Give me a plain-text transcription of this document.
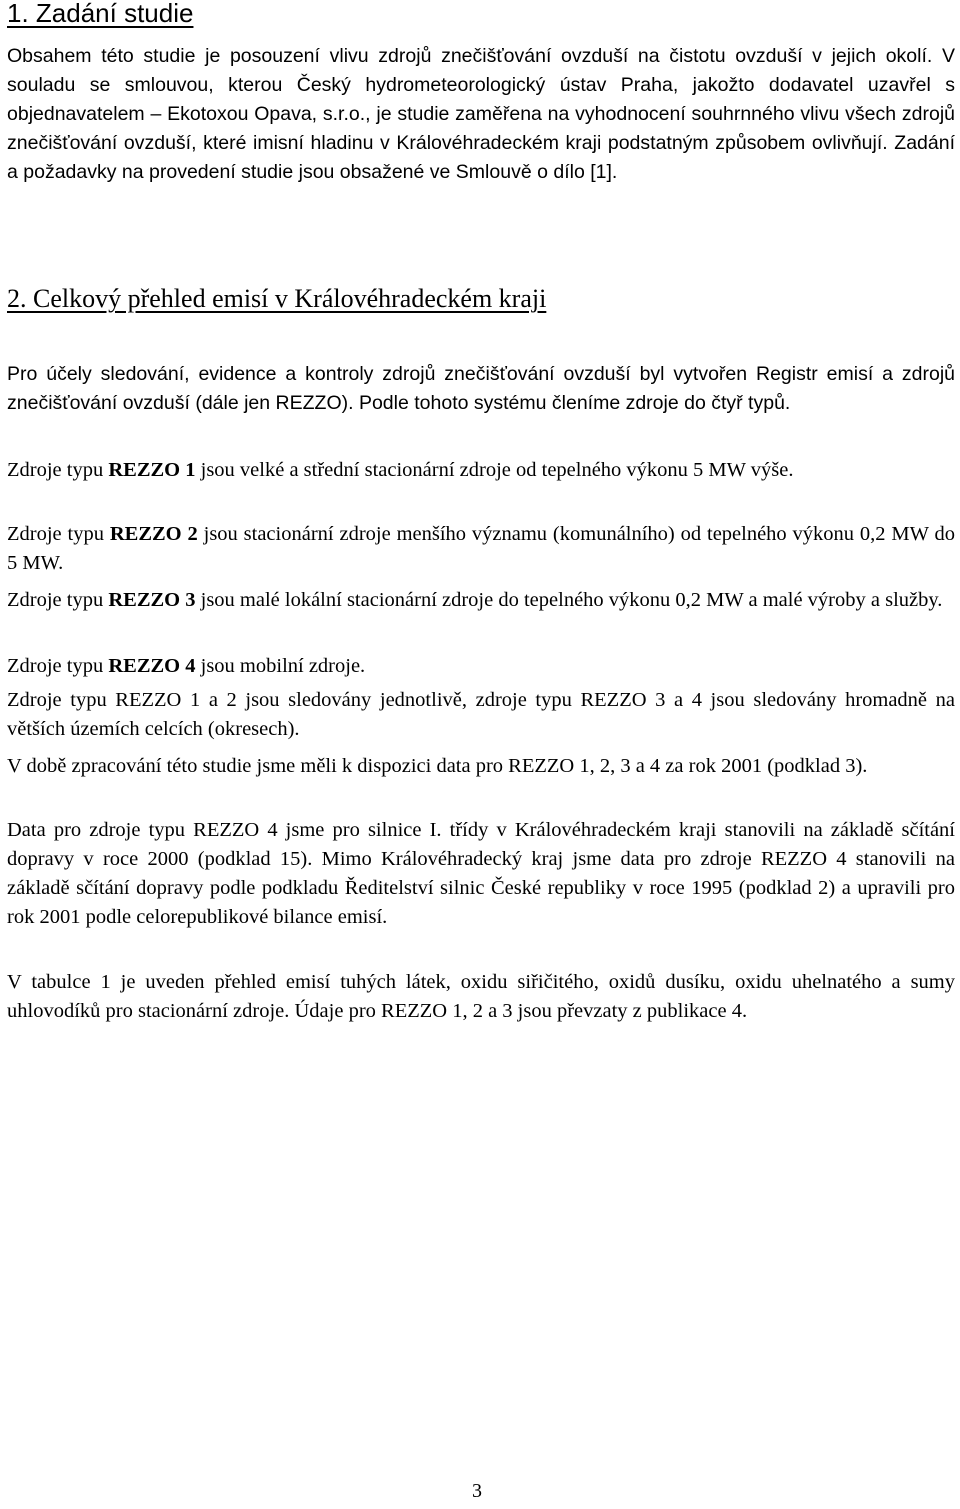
1. Zadání studie

Obsahem této studie je posouzení vlivu zdrojů znečišťování ovzduší na čistotu ovzduší v jejich okolí. V souladu se smlouvou, kterou Český hydrometeorologický ústav Praha, jakožto dodavatel uzavřel s objednavatelem – Ekotoxou Opava, s.r.o., je studie zaměřena na vyhodnocení souhrnného vlivu všech zdrojů znečišťování ovzduší, které imisní hladinu v Královéhradeckém kraji podstatným způsobem ovlivňují. Zadání a požadavky na provedení studie jsou obsažené ve Smlouvě o dílo [1].

2. Celkový přehled emisí v Královéhradeckém kraji

Pro účely sledování, evidence a kontroly zdrojů znečišťování ovzduší byl vytvořen Registr emisí a zdrojů znečišťování ovzduší (dále jen REZZO). Podle tohoto systému členíme zdroje do čtyř typů.

Zdroje typu REZZO 1 jsou velké a střední stacionární zdroje od tepelného výkonu 5 MW výše.

Zdroje typu REZZO 2 jsou stacionární zdroje menšího významu (komunálního) od tepelného výkonu 0,2 MW do 5 MW.

Zdroje typu REZZO 3 jsou malé lokální stacionární zdroje do tepelného výkonu 0,2 MW a malé výroby a služby.

Zdroje typu REZZO 4 jsou mobilní zdroje.

Zdroje typu REZZO 1 a 2 jsou sledovány jednotlivě, zdroje typu REZZO 3 a 4 jsou sledovány hromadně na větších územích celcích (okresech).

V době zpracování této studie jsme měli k dispozici data pro REZZO 1, 2, 3 a 4 za rok 2001 (podklad 3).

Data pro zdroje typu REZZO 4 jsme pro silnice I. třídy v Královéhradeckém kraji stanovili na základě sčítání dopravy v roce 2000 (podklad 15). Mimo Královéhradecký kraj jsme data pro zdroje REZZO 4 stanovili na základě sčítání dopravy podle podkladu Ředitelství silnic České republiky v roce 1995 (podklad 2) a upravili pro rok 2001 podle celorepublikové bilance emisí.

V tabulce 1 je uveden přehled emisí tuhých látek, oxidu siřičitého, oxidů dusíku, oxidu uhelnatého a sumy uhlovodíků pro stacionární zdroje. Údaje pro REZZO 1, 2 a 3 jsou převzaty z publikace 4.

3
